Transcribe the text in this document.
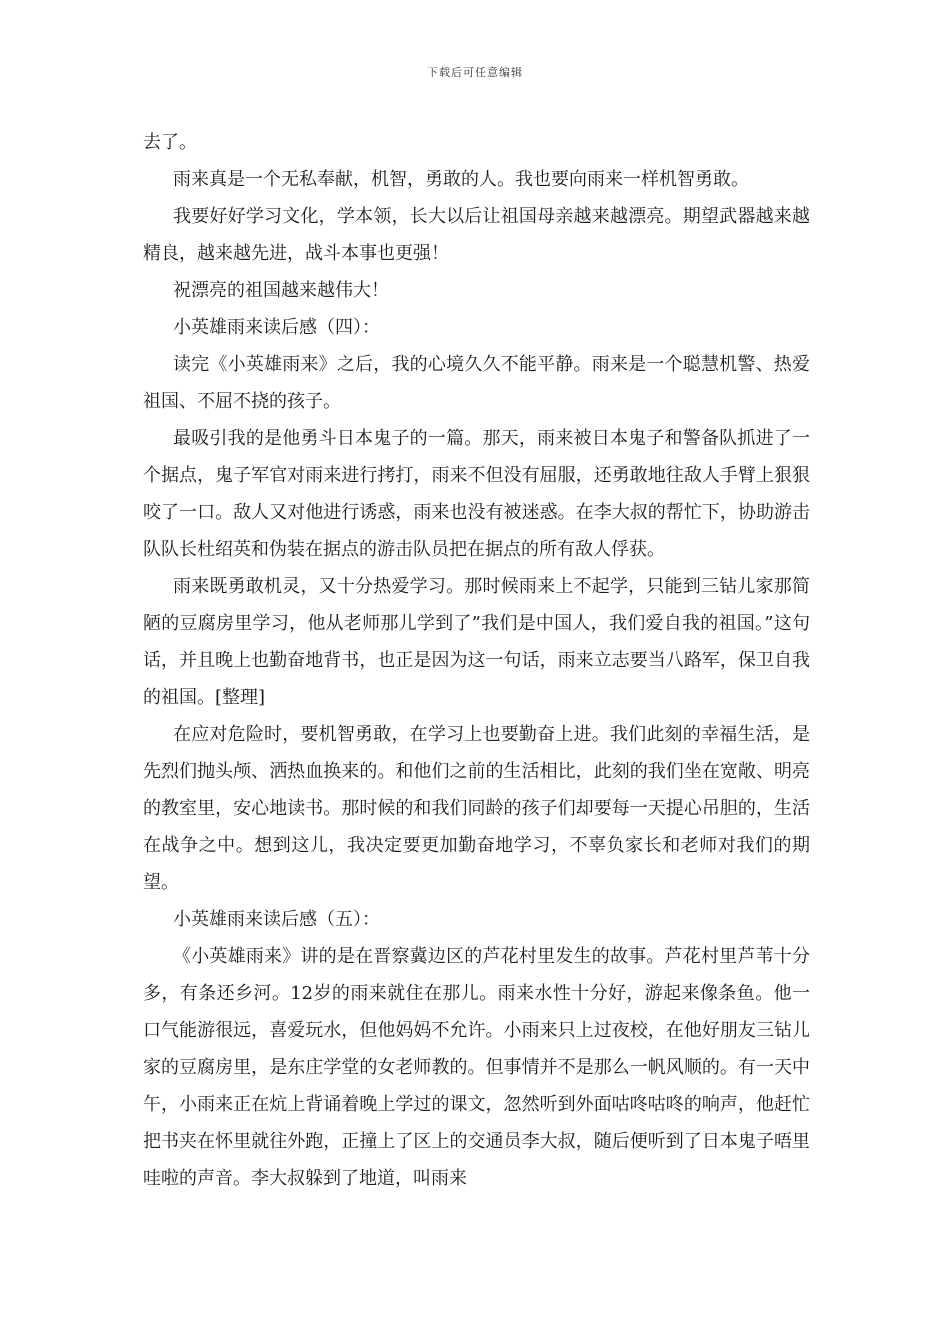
下载后可任意编辑

去了。

雨来真是一个无私奉献，机智，勇敢的人。我也要向雨来一样机智勇敢。

我要好好学习文化，学本领，长大以后让祖国母亲越来越漂亮。期望武器越来越精良，越来越先进，战斗本事也更强！

祝漂亮的祖国越来越伟大！

小英雄雨来读后感（四）：

读完《小英雄雨来》之后，我的心境久久不能平静。雨来是一个聪慧机警、热爱祖国、不屈不挠的孩子。

最吸引我的是他勇斗日本鬼子的一篇。那天，雨来被日本鬼子和警备队抓进了一个据点，鬼子军官对雨来进行拷打，雨来不但没有屈服，还勇敢地往敌人手臂上狠狠咬了一口。敌人又对他进行诱惑，雨来也没有被迷惑。在李大叔的帮忙下，协助游击队队长杜绍英和伪装在据点的游击队员把在据点的所有敌人俘获。

雨来既勇敢机灵，又十分热爱学习。那时候雨来上不起学，只能到三钻儿家那简陋的豆腐房里学习，他从老师那儿学到了”我们是中国人，我们爱自我的祖国。”这句话，并且晚上也勤奋地背书，也正是因为这一句话，雨来立志要当八路军，保卫自我的祖国。[整理]

在应对危险时，要机智勇敢，在学习上也要勤奋上进。我们此刻的幸福生活，是先烈们抛头颅、洒热血换来的。和他们之前的生活相比，此刻的我们坐在宽敞、明亮的教室里，安心地读书。那时候的和我们同龄的孩子们却要每一天提心吊胆的，生活在战争之中。想到这儿，我决定要更加勤奋地学习，不辜负家长和老师对我们的期望。

小英雄雨来读后感（五）：

《小英雄雨来》讲的是在晋察冀边区的芦花村里发生的故事。芦花村里芦苇十分多，有条还乡河。12岁的雨来就住在那儿。雨来水性十分好，游起来像条鱼。他一口气能游很远，喜爱玩水，但他妈妈不允许。小雨来只上过夜校，在他好朋友三钻儿家的豆腐房里，是东庄学堂的女老师教的。但事情并不是那么一帆风顺的。有一天中午，小雨来正在炕上背诵着晚上学过的课文，忽然听到外面咕咚咕咚的响声，他赶忙把书夹在怀里就往外跑，正撞上了区上的交通员李大叔，随后便听到了日本鬼子唔里哇啦的声音。李大叔躲到了地道，叫雨来
